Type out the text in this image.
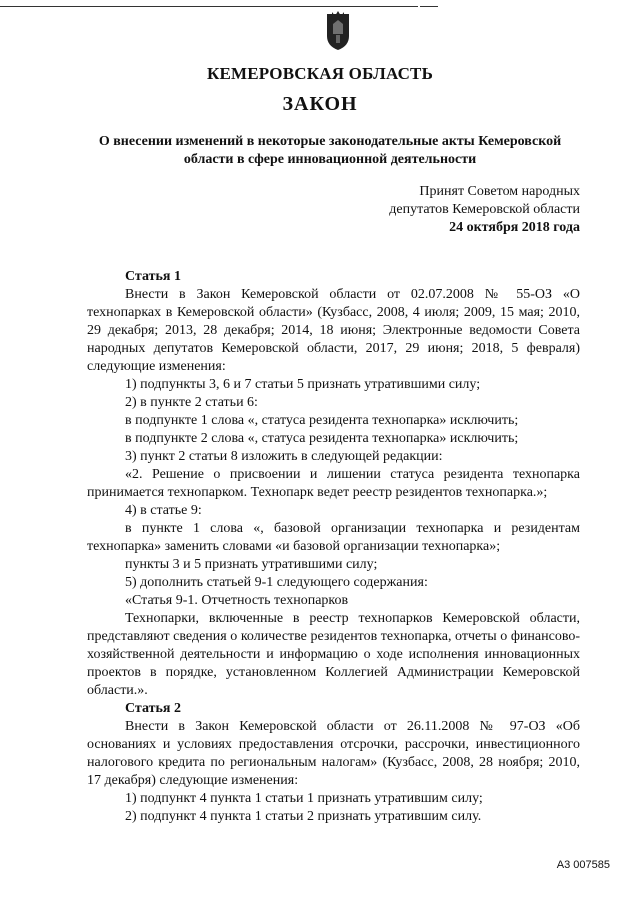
КЕМЕРОВСКАЯ ОБЛАСТЬ
ЗАКОН
О внесении изменений в некоторые законодательные акты Кемеровской области в сфере инновационной деятельности
Принят Советом народных
депутатов Кемеровской области
24 октября 2018 года
Статья 1

Внести в Закон Кемеровской области от 02.07.2008 № 55-ОЗ «О технопарках в Кемеровской области» (Кузбасс, 2008, 4 июля; 2009, 15 мая; 2010, 29 декабря; 2013, 28 декабря; 2014, 18 июня; Электронные ведомости Совета народных депутатов Кемеровской области, 2017, 29 июня; 2018, 5 февраля) следующие изменения:

1) подпункты 3, 6 и 7 статьи 5 признать утратившими силу;

2) в пункте 2 статьи 6:

в подпункте 1 слова «, статуса резидента технопарка» исключить;

в подпункте 2 слова «, статуса резидента технопарка» исключить;

3) пункт 2 статьи 8 изложить в следующей редакции:

«2. Решение о присвоении и лишении статуса резидента технопарка принимается технопарком. Технопарк ведет реестр резидентов технопарка.»;

4) в статье 9:

в пункте 1 слова «, базовой организации технопарка и резидентам технопарка» заменить словами «и базовой организации технопарка»;

пункты 3 и 5 признать утратившими силу;

5) дополнить статьей 9-1 следующего содержания:

«Статья 9-1. Отчетность технопарков

Технопарки, включенные в реестр технопарков Кемеровской области, представляют сведения о количестве резидентов технопарка, отчеты о финансово-хозяйственной деятельности и информацию о ходе исполнения инновационных проектов в порядке, установленном Коллегией Администрации Кемеровской области.».

Статья 2

Внести в Закон Кемеровской области от 26.11.2008 № 97-ОЗ «Об основаниях и условиях предоставления отсрочки, рассрочки, инвестиционного налогового кредита по региональным налогам» (Кузбасс, 2008, 28 ноября; 2010, 17 декабря) следующие изменения:

1) подпункт 4 пункта 1 статьи 1 признать утратившим силу;

2) подпункт 4 пункта 1 статьи 2 признать утратившим силу.

А3 007585
